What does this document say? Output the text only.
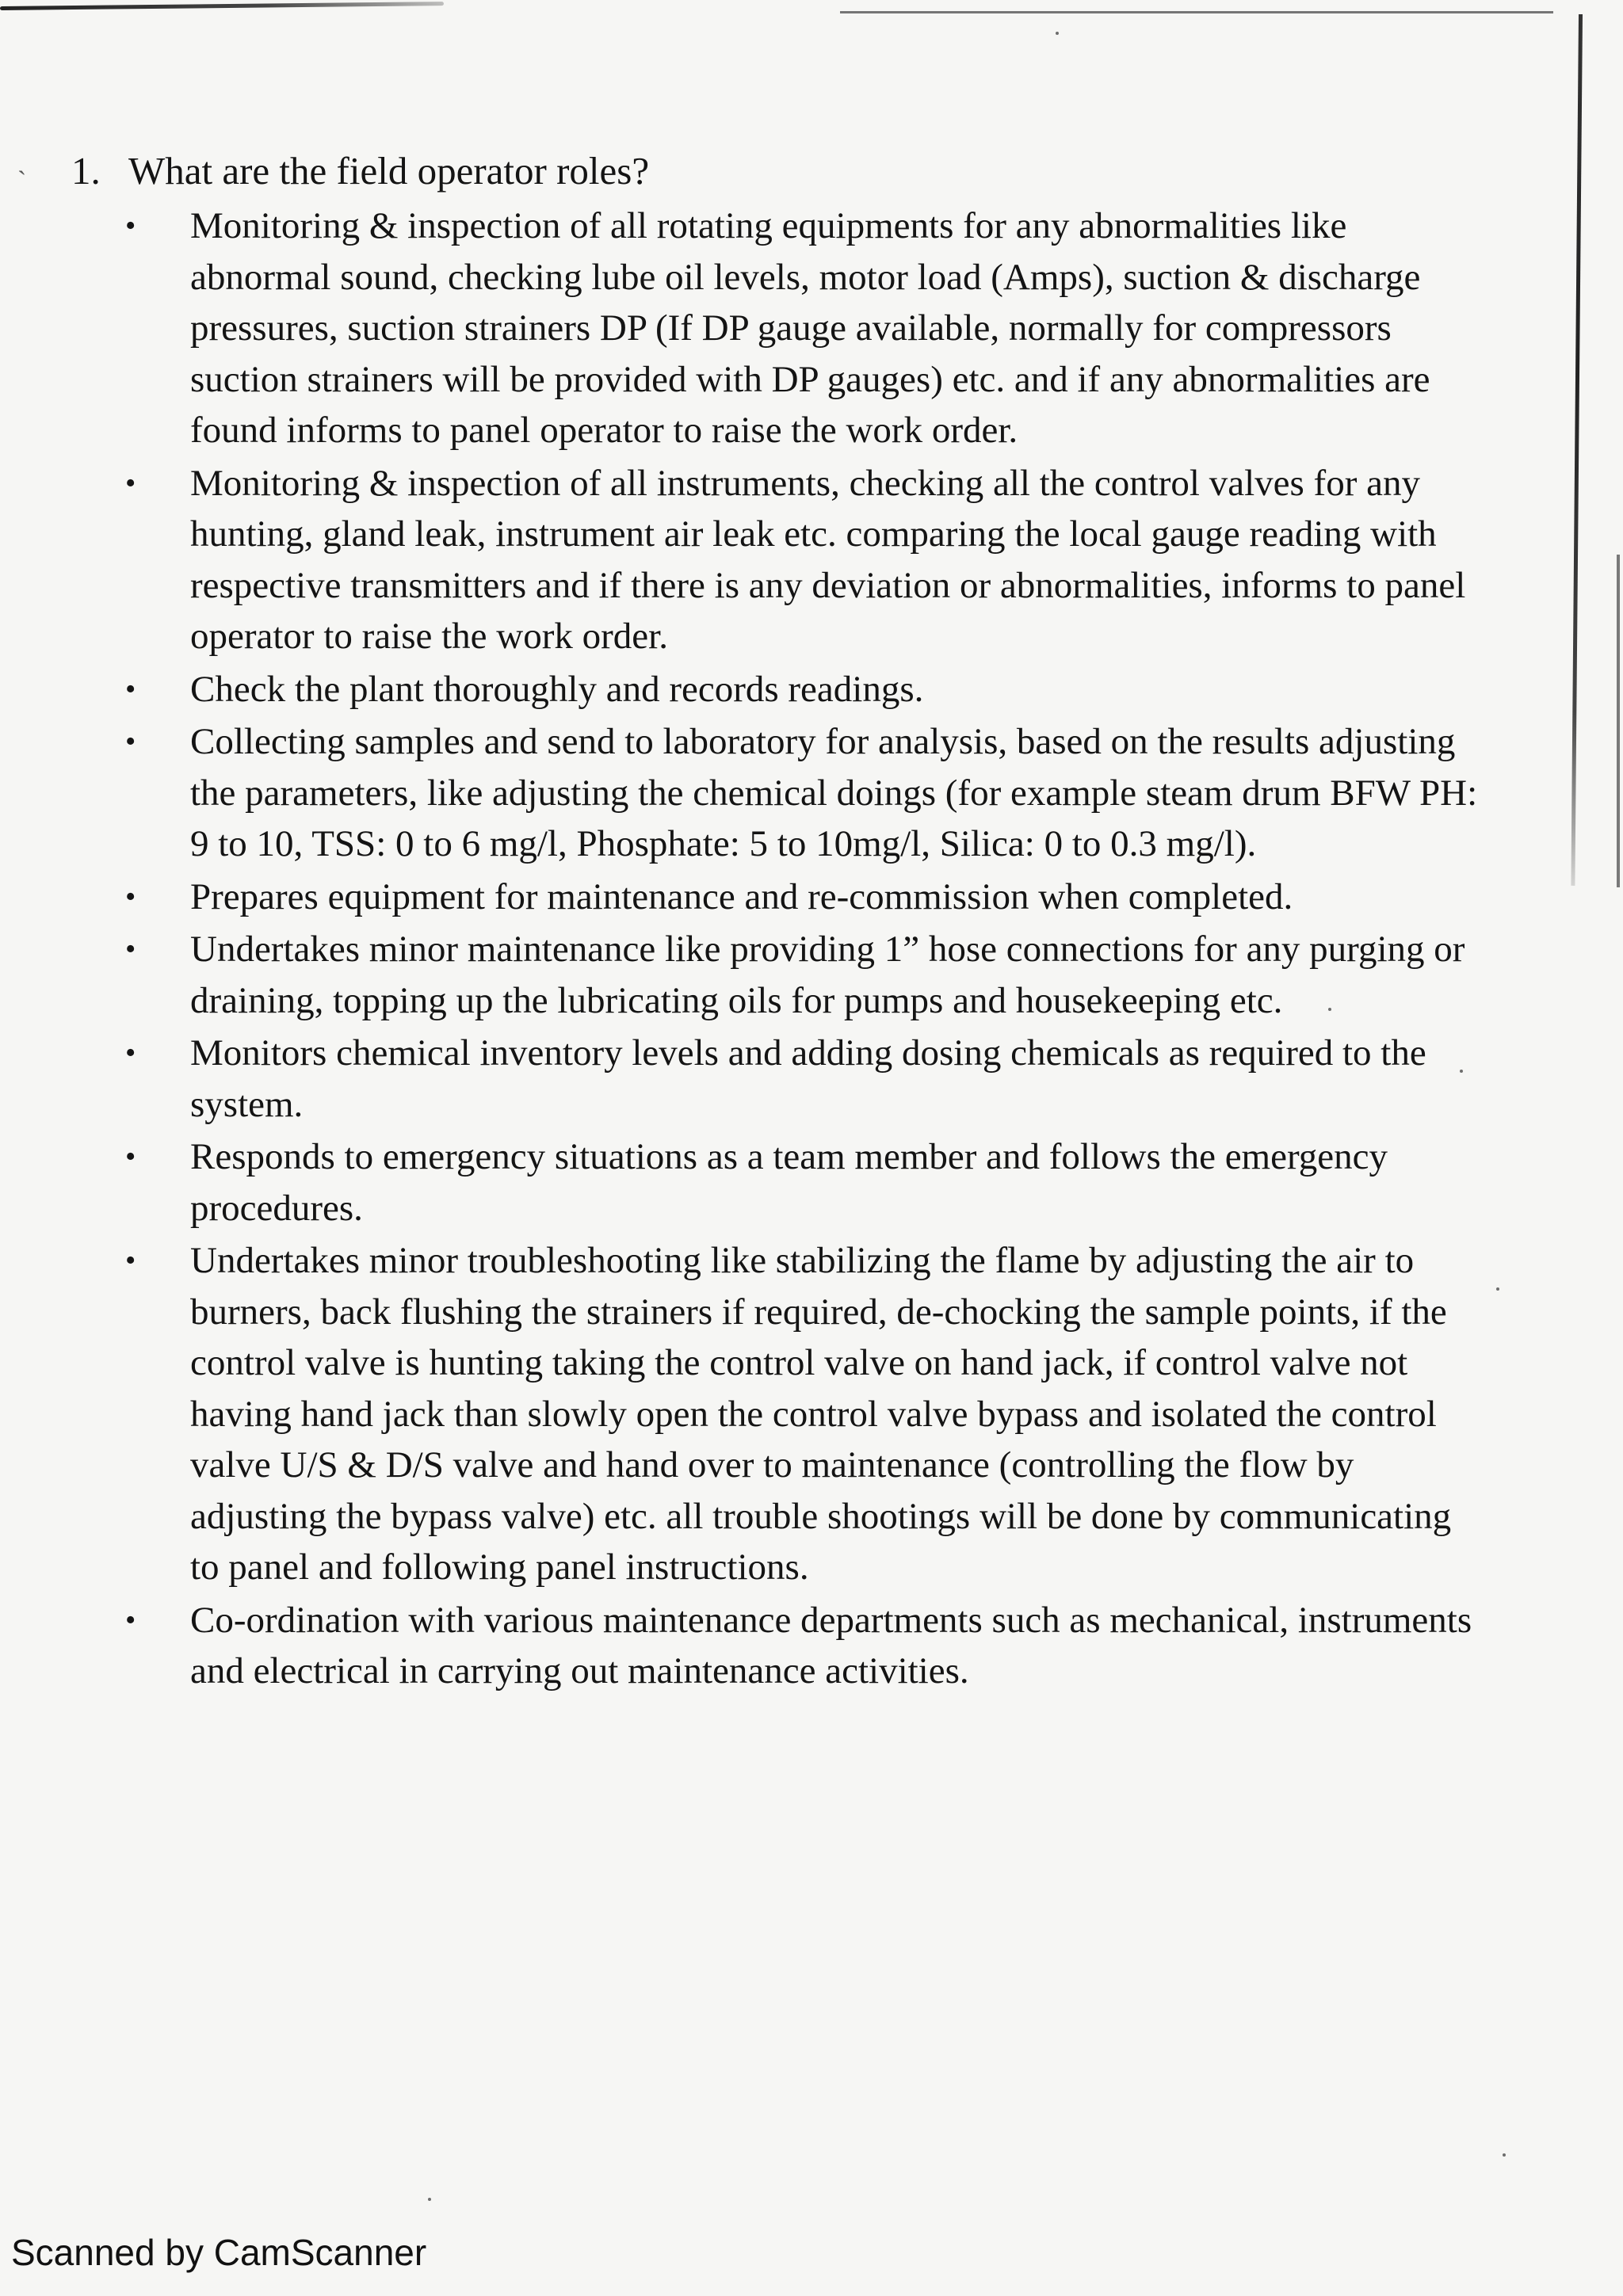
ˋ 1. What are the field operator roles?
• Monitoring & inspection of all rotating equipments for any abnormalities like abnormal sound, checking lube oil levels, motor load (Amps), suction & discharge pressures, suction strainers DP (If DP gauge available, normally for compressors suction strainers will be provided with DP gauges) etc. and if any abnormalities are found informs to panel operator to raise the work order.
• Monitoring & inspection of all instruments, checking all the control valves for any hunting, gland leak, instrument air leak etc. comparing the local gauge reading with respective transmitters and if there is any deviation or abnormalities, informs to panel operator to raise the work order.
• Check the plant thoroughly and records readings.
• Collecting samples and send to laboratory for analysis, based on the results adjusting the parameters, like adjusting the chemical doings (for example steam drum BFW PH: 9 to 10, TSS: 0 to 6 mg/l, Phosphate: 5 to 10mg/l, Silica: 0 to 0.3 mg/l).
• Prepares equipment for maintenance and re-commission when completed.
• Undertakes minor maintenance like providing 1” hose connections for any purging or draining, topping up the lubricating oils for pumps and housekeeping etc.
• Monitors chemical inventory levels and adding dosing chemicals as required to the system.
• Responds to emergency situations as a team member and follows the emergency procedures.
• Undertakes minor troubleshooting like stabilizing the flame by adjusting the air to burners, back flushing the strainers if required, de-chocking the sample points, if the control valve is hunting taking the control valve on hand jack, if control valve not having hand jack than slowly open the control valve bypass and isolated the control valve U/S & D/S valve and hand over to maintenance (controlling the flow by adjusting the bypass valve) etc. all trouble shootings will be done by communicating to panel and following panel instructions.
• Co-ordination with various maintenance departments such as mechanical, instruments and electrical in carrying out maintenance activities.
Scanned by CamScanner
